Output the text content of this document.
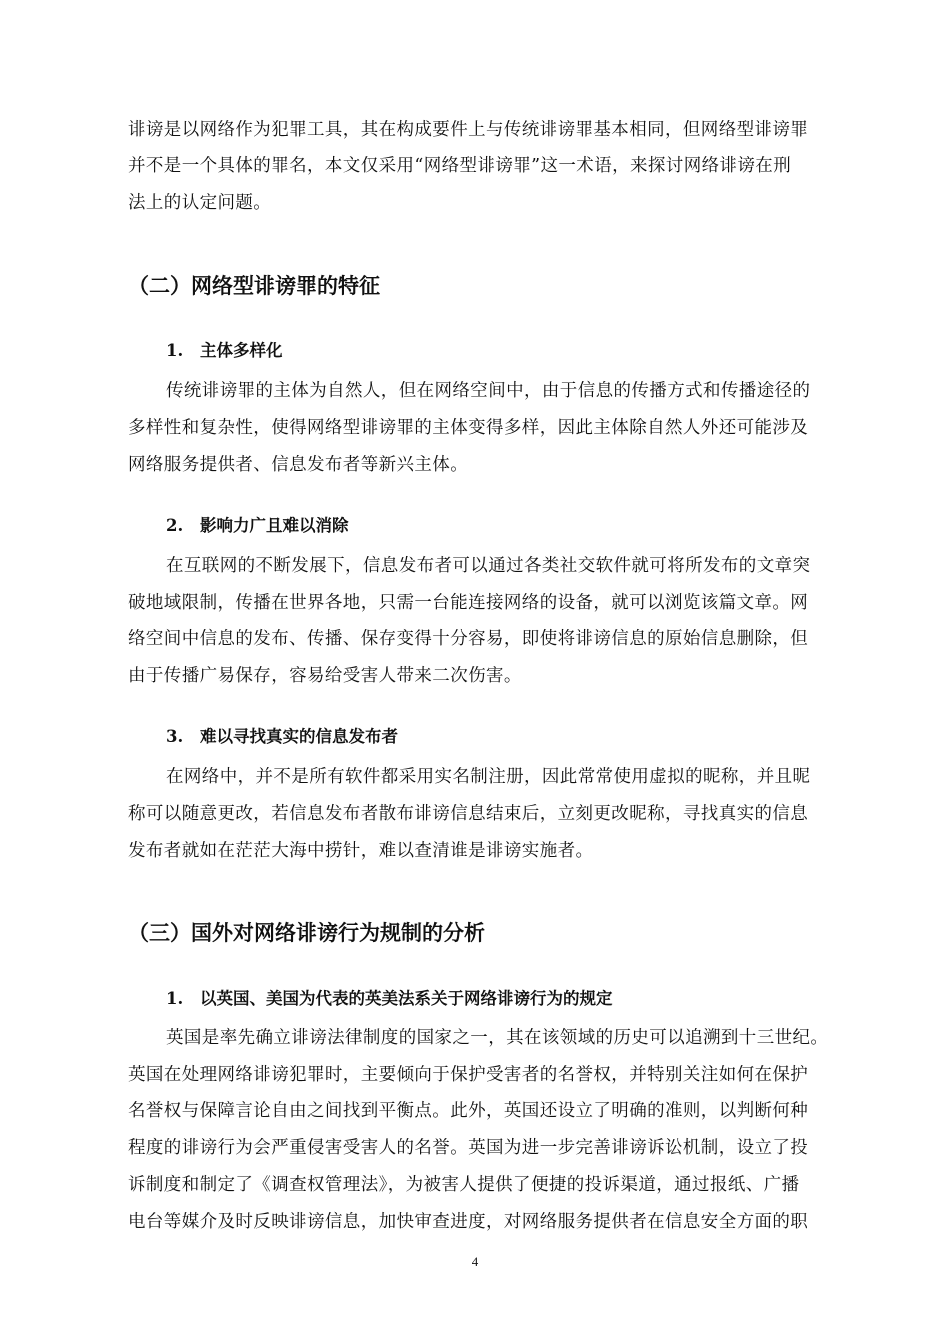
诽谤是以网络作为犯罪工具，其在构成要件上与传统诽谤罪基本相同，但网络型诽谤罪
并不是一个具体的罪名，本文仅采用“网络型诽谤罪”这一术语，来探讨网络诽谤在刑
法上的认定问题。
（二）网络型诽谤罪的特征
1. 主体多样化
传统诽谤罪的主体为自然人，但在网络空间中，由于信息的传播方式和传播途径的
多样性和复杂性，使得网络型诽谤罪的主体变得多样，因此主体除自然人外还可能涉及
网络服务提供者、信息发布者等新兴主体。
2. 影响力广且难以消除
在互联网的不断发展下，信息发布者可以通过各类社交软件就可将所发布的文章突
破地域限制，传播在世界各地，只需一台能连接网络的设备，就可以浏览该篇文章。网
络空间中信息的发布、传播、保存变得十分容易，即使将诽谤信息的原始信息删除，但
由于传播广易保存，容易给受害人带来二次伤害。
3. 难以寻找真实的信息发布者
在网络中，并不是所有软件都采用实名制注册，因此常常使用虚拟的昵称，并且昵
称可以随意更改，若信息发布者散布诽谤信息结束后，立刻更改昵称，寻找真实的信息
发布者就如在茫茫大海中捞针，难以查清谁是诽谤实施者。
（三）国外对网络诽谤行为规制的分析
1. 以英国、美国为代表的英美法系关于网络诽谤行为的规定
英国是率先确立诽谤法律制度的国家之一，其在该领域的历史可以追溯到十三世纪。
英国在处理网络诽谤犯罪时，主要倾向于保护受害者的名誉权，并特别关注如何在保护
名誉权与保障言论自由之间找到平衡点。此外，英国还设立了明确的准则，以判断何种
程度的诽谤行为会严重侵害受害人的名誉。英国为进一步完善诽谤诉讼机制，设立了投
诉制度和制定了《调查权管理法》，为被害人提供了便捷的投诉渠道，通过报纸、广播
电台等媒介及时反映诽谤信息，加快审查进度，对网络服务提供者在信息安全方面的职
4
